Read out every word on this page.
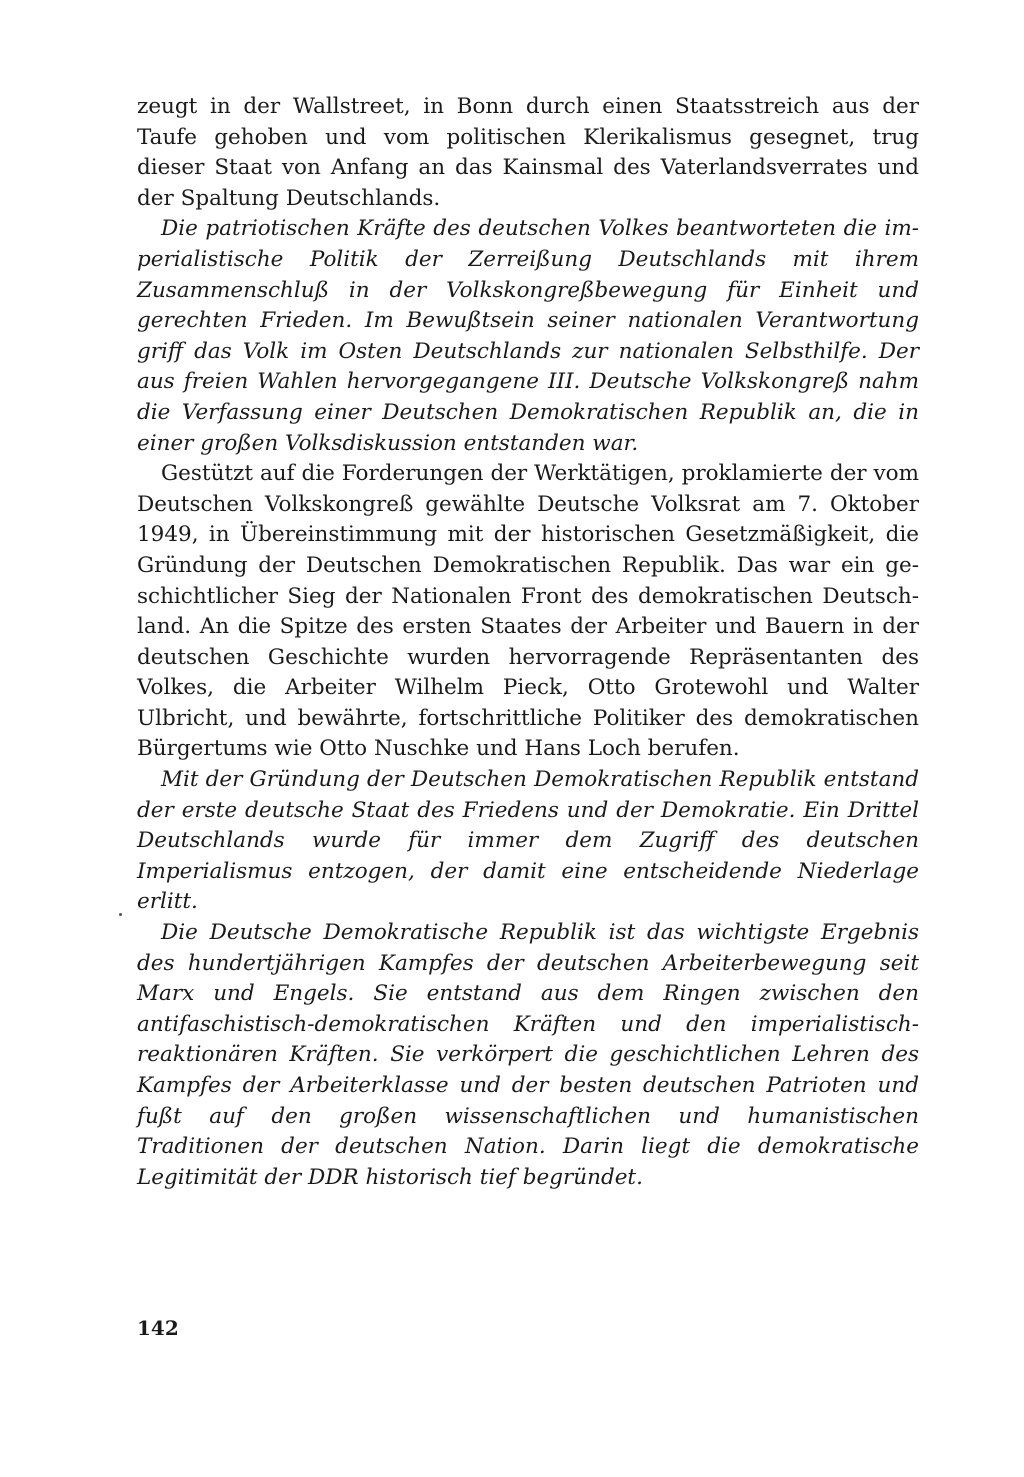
zeugt in der Wallstreet, in Bonn durch einen Staatsstreich aus der Taufe gehoben und vom politischen Klerikalismus gesegnet, trug dieser Staat von Anfang an das Kainsmal des Vaterlandsverrates und der Spaltung Deutschlands.

Die patriotischen Kräfte des deutschen Volkes beantworteten die imperialistische Politik der Zerreißung Deutschlands mit ihrem Zusammenschluß in der Volkskongreßbewegung für Einheit und gerechten Frieden. Im Bewußtsein seiner nationalen Verantwortung griff das Volk im Osten Deutschlands zur nationalen Selbsthilfe. Der aus freien Wahlen hervorgegangene III. Deutsche Volkskongreß nahm die Verfassung einer Deutschen Demokratischen Republik an, die in einer großen Volksdiskussion entstanden war.

Gestützt auf die Forderungen der Werktätigen, proklamierte der vom Deutschen Volkskongreß gewählte Deutsche Volksrat am 7. Oktober 1949, in Übereinstimmung mit der historischen Gesetzmäßigkeit, die Gründung der Deutschen Demokratischen Republik. Das war ein geschichtlicher Sieg der Nationalen Front des demokratischen Deutschland. An die Spitze des ersten Staates der Arbeiter und Bauern in der deutschen Geschichte wurden hervorragende Repräsentanten des Volkes, die Arbeiter Wilhelm Pieck, Otto Grotewohl und Walter Ulbricht, und bewährte, fortschrittliche Politiker des demokratischen Bürgertums wie Otto Nuschke und Hans Loch berufen.

Mit der Gründung der Deutschen Demokratischen Republik entstand der erste deutsche Staat des Friedens und der Demokratie. Ein Drittel Deutschlands wurde für immer dem Zugriff des deutschen Imperialismus entzogen, der damit eine entscheidende Niederlage erlitt.

Die Deutsche Demokratische Republik ist das wichtigste Ergebnis des hundertjährigen Kampfes der deutschen Arbeiterbewegung seit Marx und Engels. Sie entstand aus dem Ringen zwischen den antifaschistisch-demokratischen Kräften und den imperialistisch-reaktionären Kräften. Sie verkörpert die geschichtlichen Lehren des Kampfes der Arbeiterklasse und der besten deutschen Patrioten und fußt auf den großen wissenschaftlichen und humanistischen Traditionen der deutschen Nation. Darin liegt die demokratische Legitimität der DDR historisch tief begründet.

142
